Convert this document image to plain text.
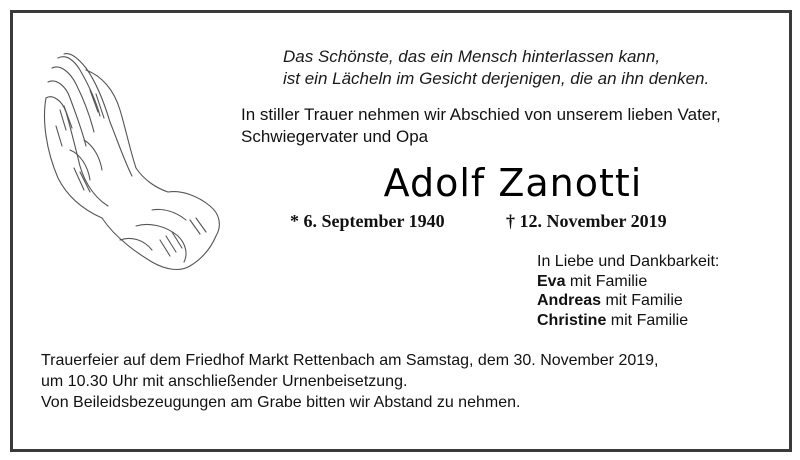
Das Schönste, das ein Mensch hinterlassen kann,
ist ein Lächeln im Gesicht derjenigen, die an ihn denken.
In stiller Trauer nehmen wir Abschied von unserem lieben Vater,
Schwiegervater und Opa
Adolf Zanotti
* 6. September 1940	† 12. November 2019
In Liebe und Dankbarkeit:
Eva mit Familie
Andreas mit Familie
Christine mit Familie
Trauerfeier auf dem Friedhof Markt Rettenbach am Samstag, dem 30. November 2019,
um 10.30 Uhr mit anschließender Urnenbeisetzung.
Von Beileidsbezeugungen am Grabe bitten wir Abstand zu nehmen.
